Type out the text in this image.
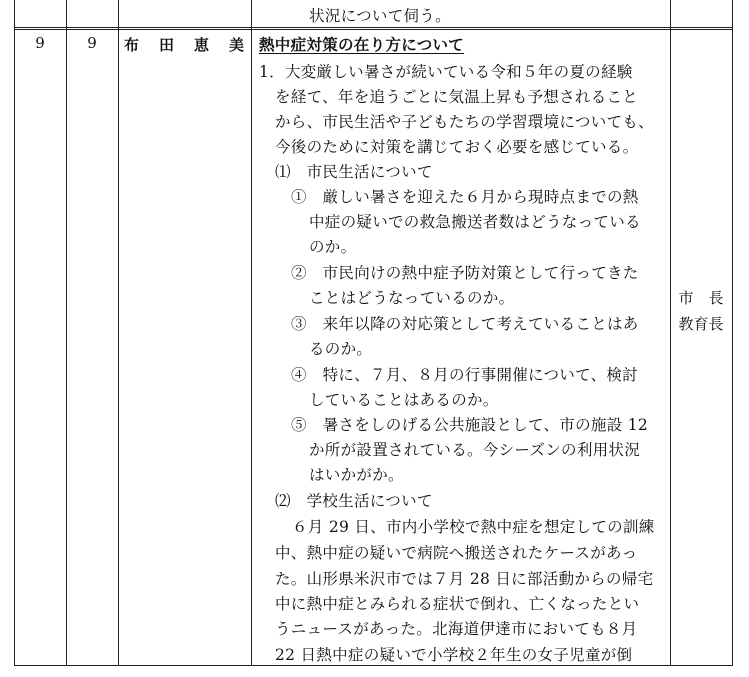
状況について伺う。
9	9	布 田 恵 美 熱中症対策の在り方について
1．大変厳しい暑さが続いている令和５年の夏の経験
を経て、年を追うごとに気温上昇も予想されること
から、市民生活や子どもたちの学習環境についても、
今後のために対策を講じておく必要を感じている。
⑴　市民生活について
①　厳しい暑さを迎えた６月から現時点までの熱
中症の疑いでの救急搬送者数はどうなっている
のか。
②　市民向けの熱中症予防対策として行ってきた
ことはどうなっているのか。
③　来年以降の対応策として考えていることはあ
るのか。
④　特に、７月、８月の行事開催について、検討
していることはあるのか。
⑤　暑さをしのげる公共施設として、市の施設 12
か所が設置されている。今シーズンの利用状況
はいかがか。
⑵　学校生活について
６月 29 日、市内小学校で熱中症を想定しての訓練
中、熱中症の疑いで病院へ搬送されたケースがあっ
た。山形県米沢市では７月 28 日に部活動からの帰宅
中に熱中症とみられる症状で倒れ、亡くなったとい
うニュースがあった。北海道伊達市においても８月
22 日熱中症の疑いで小学校２年生の女子児童が倒
市　長
教育長
